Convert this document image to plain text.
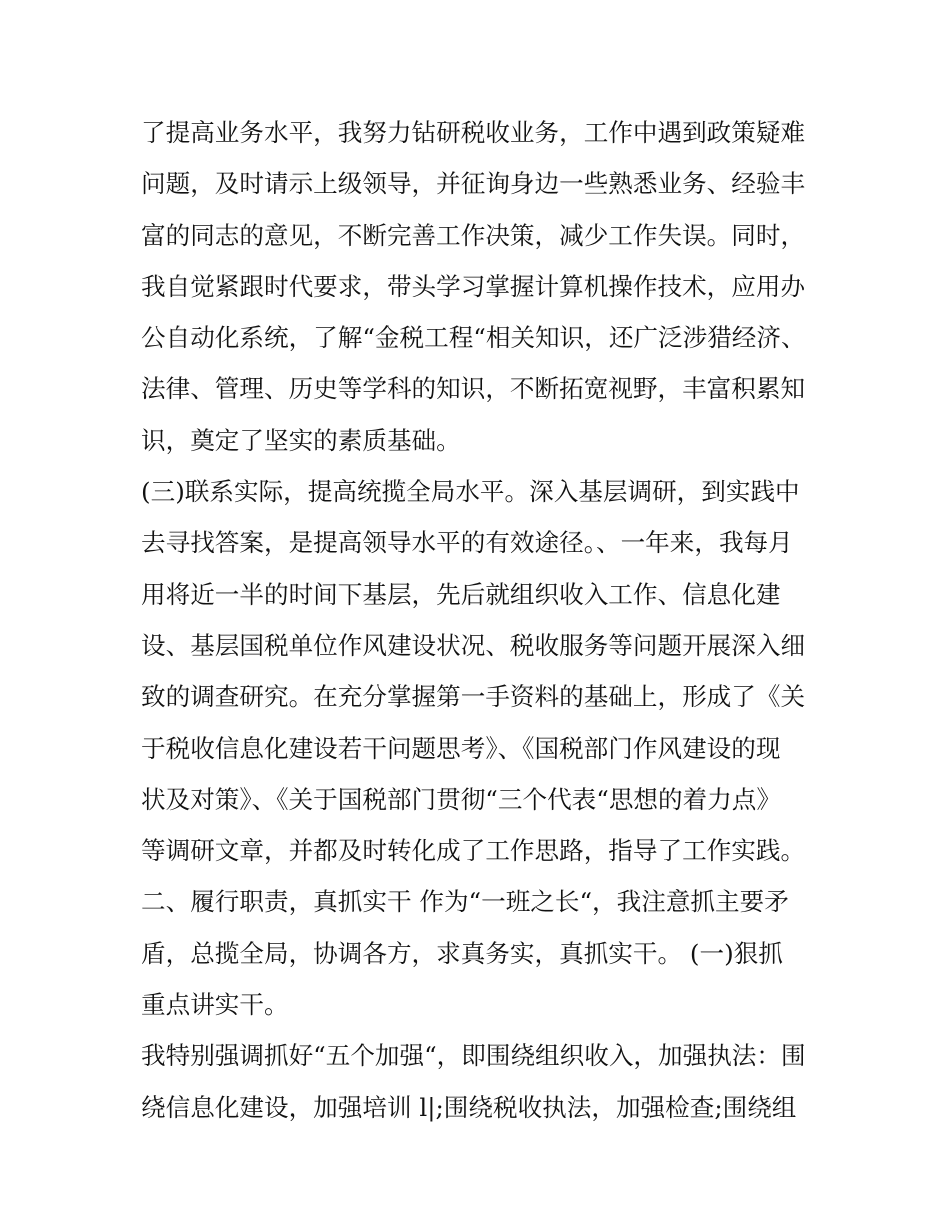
了提高业务水平，我努力钻研税收业务，工作中遇到政策疑难
问题，及时请示上级领导，并征询身边一些熟悉业务、经验丰
富的同志的意见，不断完善工作决策，减少工作失误。同时，
我自觉紧跟时代要求，带头学习掌握计算机操作技术，应用办
公自动化系统，了解“金税工程“相关知识，还广泛涉猎经济、
法律、管理、历史等学科的知识，不断拓宽视野，丰富积累知
识，奠定了坚实的素质基础。
(三)联系实际，提高统揽全局水平。深入基层调研，到实践中
去寻找答案，是提高领导水平的有效途径。、一年来，我每月
用将近一半的时间下基层，先后就组织收入工作、信息化建
设、基层国税单位作风建设状况、税收服务等问题开展深入细
致的调查研究。在充分掌握第一手资料的基础上，形成了《关
于税收信息化建设若干问题思考》、《国税部门作风建设的现
状及对策》、《关于国税部门贯彻“三个代表“思想的着力点》
等调研文章，并都及时转化成了工作思路，指导了工作实践。
二、履行职责，真抓实干 作为“一班之长“，我注意抓主要矛
盾，总揽全局，协调各方，求真务实，真抓实干。 (一)狠抓
重点讲实干。
我特别强调抓好“五个加强“，即围绕组织收入，加强执法：围
绕信息化建设，加强培训 l|;围绕税收执法，加强检查;围绕组
